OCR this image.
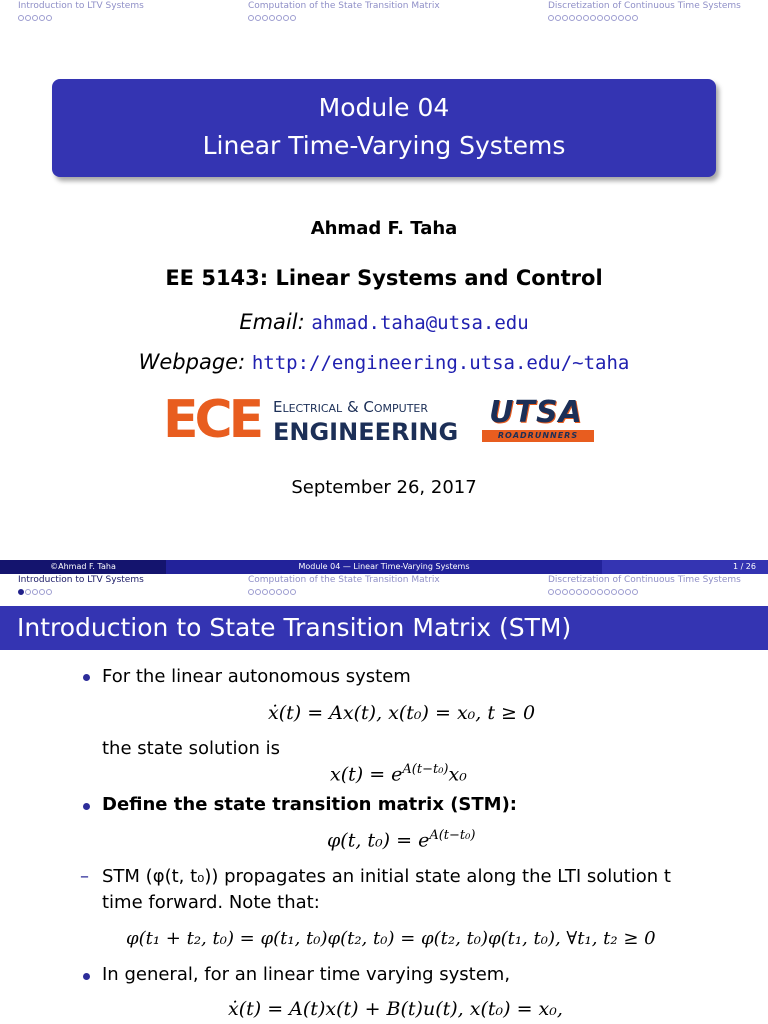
Introduction to LTV Systems	Computation of the State Transition Matrix	Discretization of Continuous Time Systems
Module 04
Linear Time-Varying Systems
Ahmad F. Taha
EE 5143: Linear Systems and Control
Email: ahmad.taha@utsa.edu
Webpage: http://engineering.utsa.edu/~taha
ECE Electrical & Computer
ENGINEERING
UTSA
ROADRUNNERS
September 26, 2017
©Ahmad F. Taha	Module 04 — Linear Time-Varying Systems	1 / 26
Introduction to LTV Systems	Computation of the State Transition Matrix	Discretization of Continuous Time Systems
Introduction to State Transition Matrix (STM)
For the linear autonomous system
ẋ(t) = Ax(t), x(t₀) = x₀, t ≥ 0
the state solution is
$x(t) = e^{A(t-t_0)}x_0$
Define the state transition matrix (STM):
φ(t, $t_0) = e^{A(t-t_0)}$
– STM (φ(t, t₀)) propagates an initial state along the LTI solution t
time forward. Note that:
φ(t₁ + t₂, t₀) = φ(t₁, t₀)φ(t₂, t₀) = φ(t₂, t₀)φ(t₁, t₀), ∀t₁, t₂ ≥ 0
In general, for an linear time varying system,
ẋ(t) = A(t)x(t) + B(t)u(t), x(t₀) = x₀,
